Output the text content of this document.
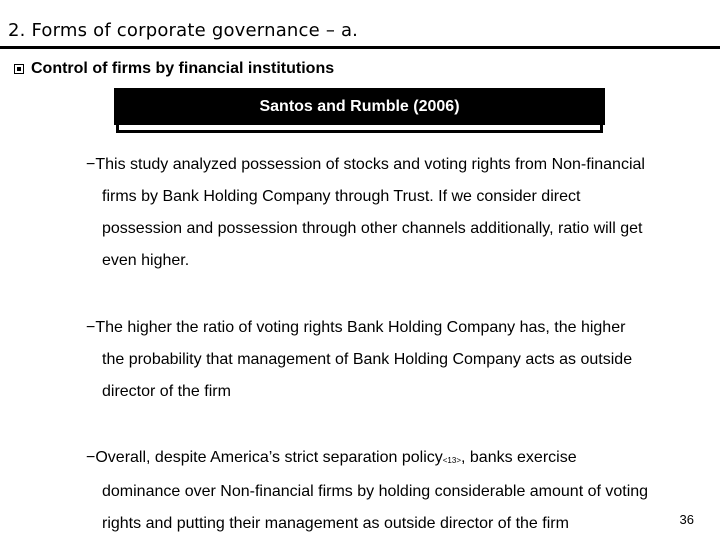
2. Forms of corporate governance – a.
Control of firms by financial institutions
Santos and Rumble (2006)
−This study analyzed possession of stocks and voting rights from Non-financial
firms by Bank Holding Company through Trust. If we consider direct
possession and possession through other channels additionally, ratio will get
even higher.
−The higher the ratio of voting rights Bank Holding Company has, the higher
the probability that management of Bank Holding Company acts as outside
director of the firm
−Overall, despite America’s strict separation policy<13>, banks exercise
dominance over Non-financial firms by holding considerable amount of voting
rights and putting their management as outside director of the firm	36
